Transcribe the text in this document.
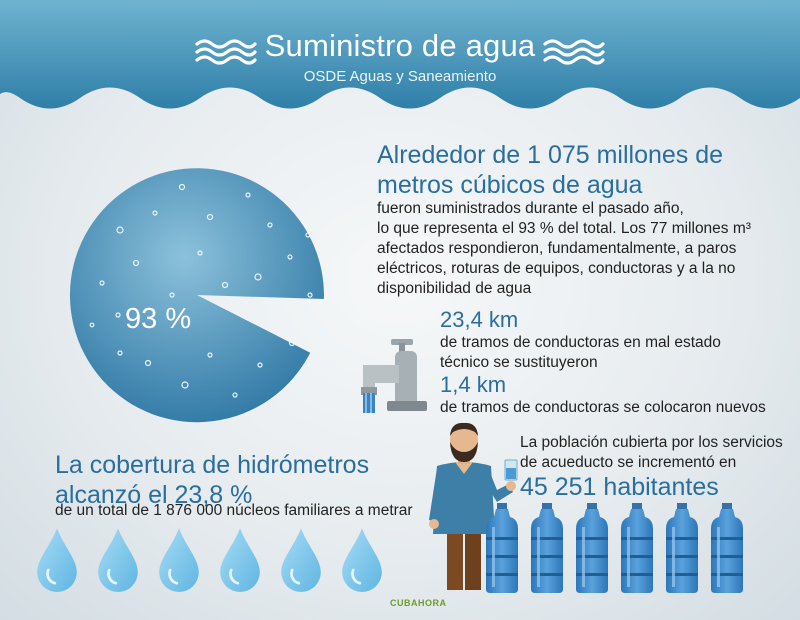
Suministro de agua
OSDE Aguas y Saneamiento
93 %
Alrededor de 1 075 millones de metros cúbicos de agua
fueron suministrados durante el pasado año,
lo que representa el 93 % del total. Los 77 millones m³
afectados respondieron, fundamentalmente, a paros
eléctricos, roturas de equipos, conductoras y a la no
disponibilidad de agua
23,4 km
de tramos de conductoras en mal estado
técnico se sustituyeron
1,4 km
de tramos de conductoras se colocaron nuevos
La cobertura de hidrómetros
alcanzó el 23,8 %
de un total de 1 876 000 núcleos familiares a metrar
La población cubierta por los servicios
de acueducto se incrementó en
45 251 habitantes
CUBAHORA
